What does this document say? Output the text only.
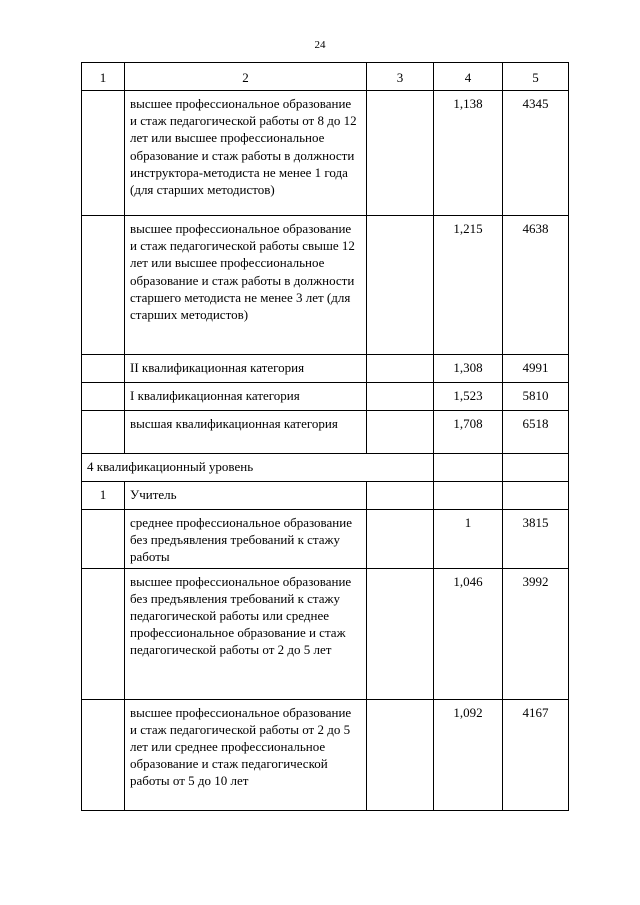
24
1	2	3	4	5
	высшее профессиональное образование и стаж педагогической работы от 8 до 12 лет или высшее профессиональное образование и стаж работы в должности инструктора-методиста не менее 1 года (для старших методистов)		1,138	4345
	высшее профессиональное образование и стаж педагогической работы свыше 12 лет или высшее профессиональное образование и стаж работы в должности старшего методиста не менее 3 лет (для старших методистов)		1,215	4638
	II квалификационная категория		1,308	4991
	I квалификационная категория		1,523	5810
	высшая квалификационная категория		1,708	6518
4 квалификационный уровень				
1	Учитель			
	среднее профессиональное образование без предъявления требований к стажу работы		1	3815
	высшее профессиональное образование без предъявления требований к стажу педагогической работы или среднее профессиональное образование и стаж педагогической работы от 2 до 5 лет		1,046	3992
	высшее профессиональное образование и стаж педагогической работы от 2 до 5 лет или среднее профессиональное образование и стаж педагогической работы от 5 до 10 лет		1,092	4167
